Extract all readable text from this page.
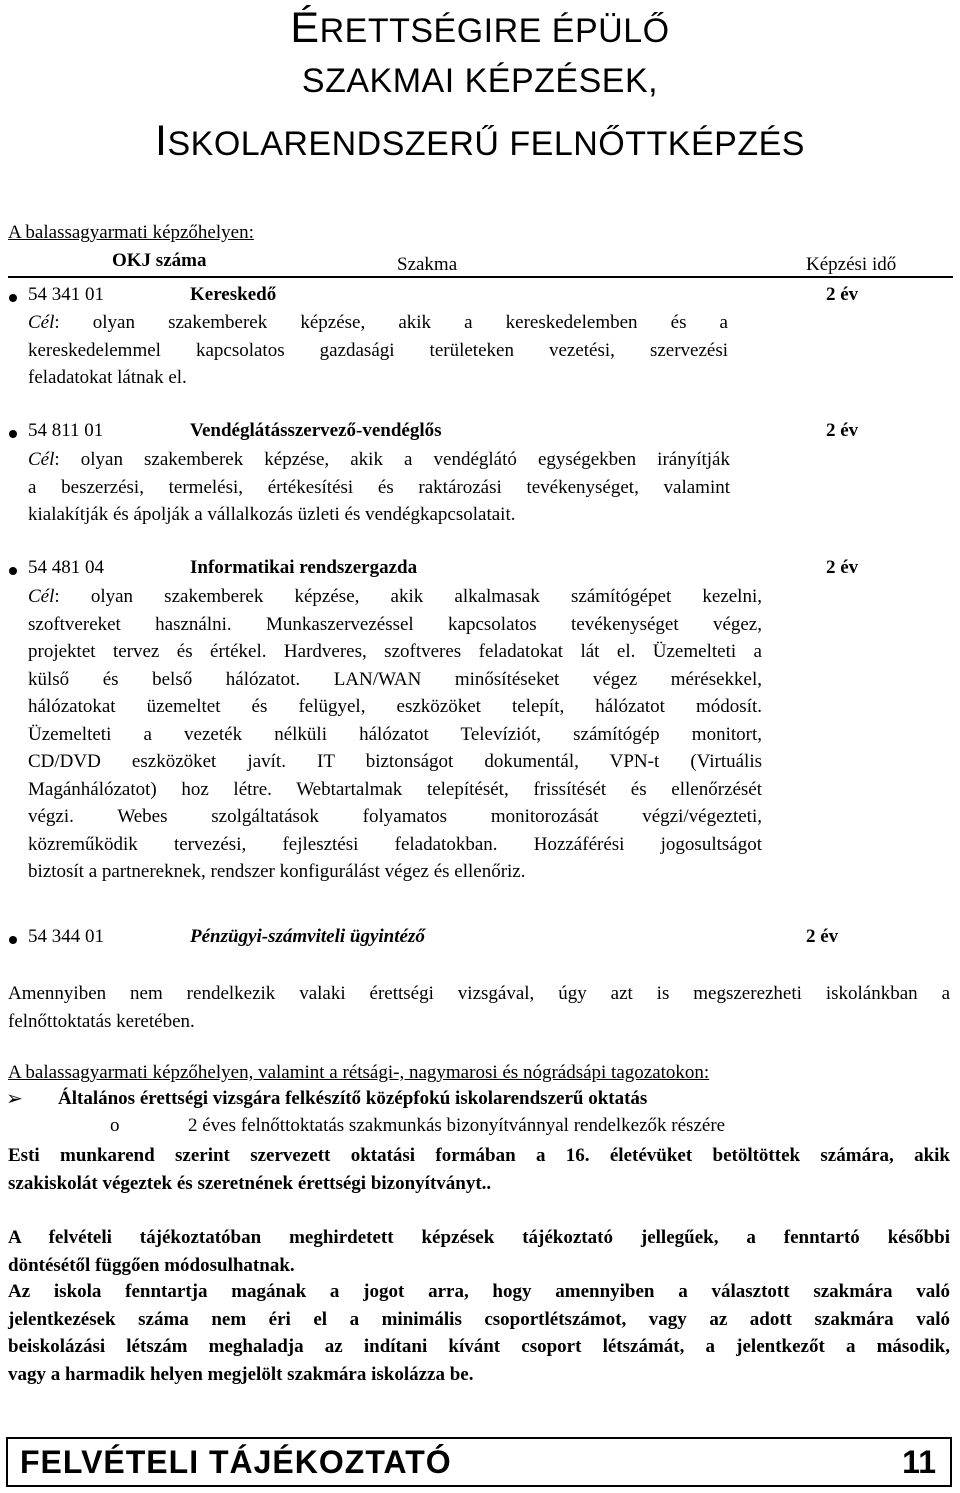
ÉRETTSÉGIRE ÉPÜLŐ
SZAKMAI KÉPZÉSEK,
ISKOLARENDSZERŰ FELNŐTTKÉPZÉS
A balassagyarmati képzőhelyen:
OKJ száma	Szakma	Képzési idő
54 341 01	Kereskedő	2 év
Cél: olyan szakemberek képzése, akik a kereskedelemben és a
kereskedelemmel kapcsolatos gazdasági területeken vezetési, szervezési
feladatokat látnak el.
54 811 01	Vendéglátásszervező-vendéglős	2 év
Cél: olyan szakemberek képzése, akik a vendéglátó egységekben irányítják
a beszerzési, termelési, értékesítési és raktározási tevékenységet, valamint
kialakítják és ápolják a vállalkozás üzleti és vendégkapcsolatait.
54 481 04	Informatikai rendszergazda	2 év
Cél: olyan szakemberek képzése, akik alkalmasak számítógépet kezelni,
szoftvereket használni. Munkaszervezéssel kapcsolatos tevékenységet végez,
projektet tervez és értékel. Hardveres, szoftveres feladatokat lát el. Üzemelteti a
külső és belső hálózatot. LAN/WAN minősítéseket végez mérésekkel,
hálózatokat üzemeltet és felügyel, eszközöket telepít, hálózatot módosít.
Üzemelteti a vezeték nélküli hálózatot Televíziót, számítógép monitort,
CD/DVD eszközöket javít. IT biztonságot dokumentál, VPN-t (Virtuális
Magánhálózatot) hoz létre. Webtartalmak telepítését, frissítését és ellenőrzését
végzi. Webes szolgáltatások folyamatos monitorozását végzi/végezteti,
közreműködik tervezési, fejlesztési feladatokban. Hozzáférési jogosultságot
biztosít a partnereknek, rendszer konfigurálást végez és ellenőriz.
54 344 01	Pénzügyi-számviteli ügyintéző	2 év
Amennyiben nem rendelkezik valaki érettségi vizsgával, úgy azt is megszerezheti iskolánkban a
felnőttoktatás keretében.
A balassagyarmati képzőhelyen, valamint a rétsági-, nagymarosi és nógrádsápi tagozatokon:
➢ Általános érettségi vizsgára felkészítő középfokú iskolarendszerű oktatás
o	2 éves felnőttoktatás szakmunkás bizonyítvánnyal rendelkezők részére
Esti munkarend szerint szervezett oktatási formában a 16. életévüket betöltöttek számára, akik
szakiskolát végeztek és szeretnének érettségi bizonyítványt..
A felvételi tájékoztatóban meghirdetett képzések tájékoztató jellegűek, a fenntartó későbbi
döntésétől függően módosulhatnak.
Az iskola fenntartja magának a jogot arra, hogy amennyiben a választott szakmára való
jelentkezések száma nem éri el a minimális csoportlétszámot, vagy az adott szakmára való
beiskolázási létszám meghaladja az indítani kívánt csoport létszámát, a jelentkezőt a második,
vagy a harmadik helyen megjelölt szakmára iskolázza be.
FELVÉTELI TÁJÉKOZTATÓ	11
